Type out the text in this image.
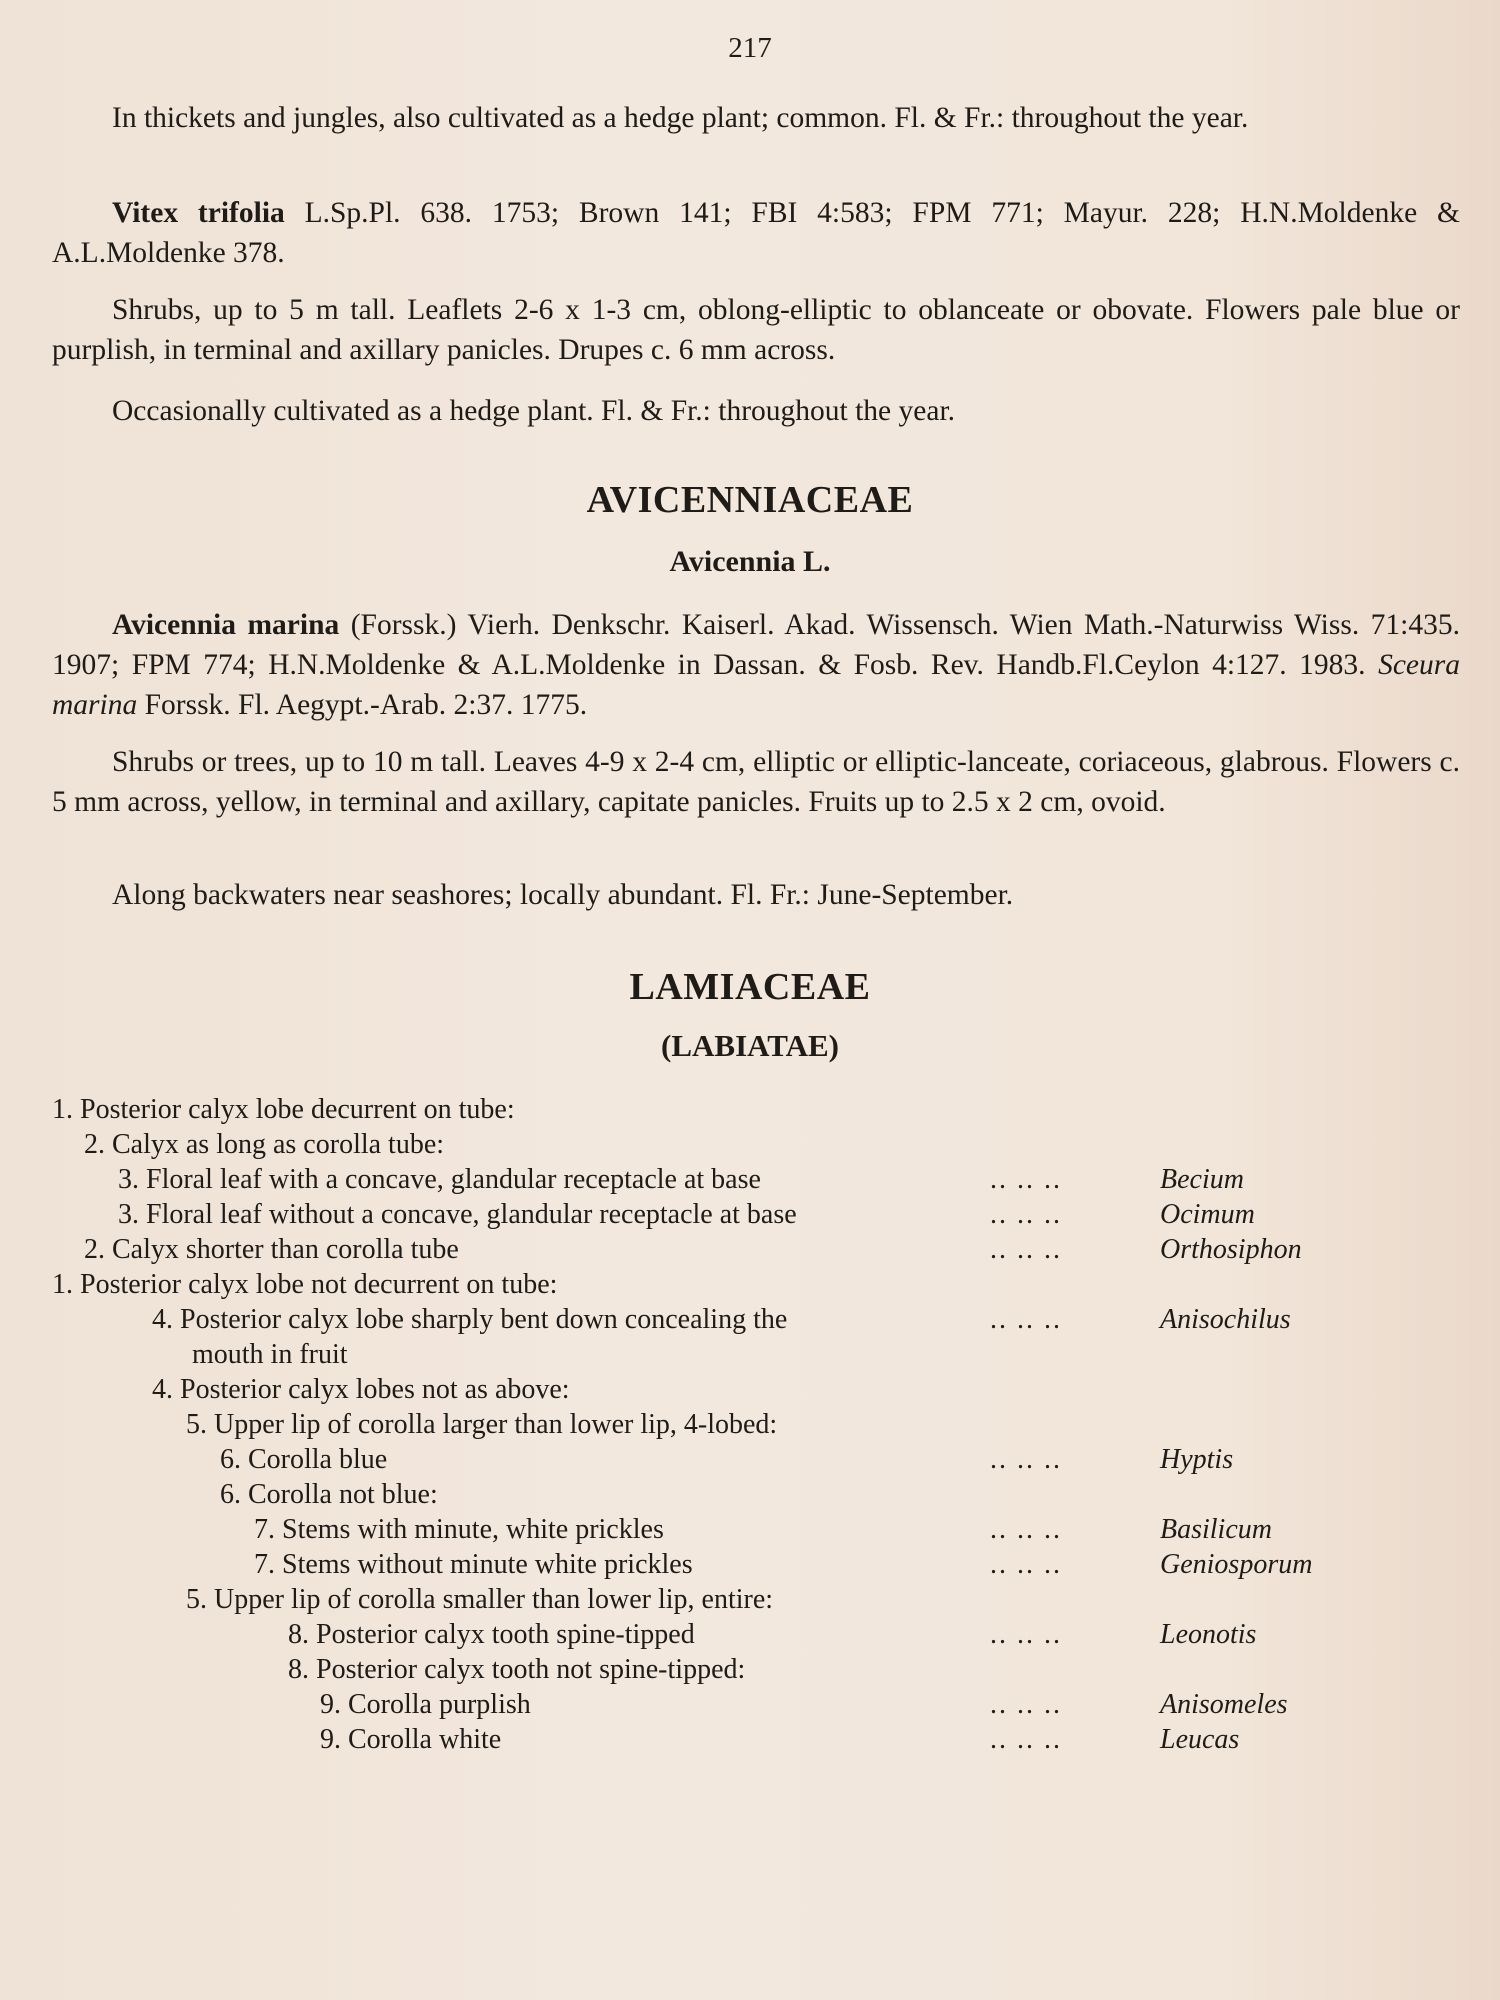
217

In thickets and jungles, also cultivated as a hedge plant; common. Fl. & Fr.: throughout the year.

Vitex trifolia L.Sp.Pl. 638. 1753; Brown 141; FBI 4:583; FPM 771; Mayur. 228; H.N.Moldenke & A.L.Moldenke 378.

Shrubs, up to 5 m tall. Leaflets 2-6 x 1-3 cm, oblong-elliptic to oblanceate or obovate. Flowers pale blue or purplish, in terminal and axillary panicles. Drupes c. 6 mm across.

Occasionally cultivated as a hedge plant. Fl. & Fr.: throughout the year.

AVICENNIACEAE
Avicennia L.

Avicennia marina (Forssk.) Vierh. Denkschr. Kaiserl. Akad. Wissensch. Wien Math.-Naturwiss Wiss. 71:435. 1907; FPM 774; H.N.Moldenke & A.L.Moldenke in Dassan. & Fosb. Rev. Handb.Fl.Ceylon 4:127. 1983. Sceura marina Forssk. Fl. Aegypt.-Arab. 2:37. 1775.

Shrubs or trees, up to 10 m tall. Leaves 4-9 x 2-4 cm, elliptic or elliptic-lanceate, coriaceous, glabrous. Flowers c. 5 mm across, yellow, in terminal and axillary, capitate panicles. Fruits up to 2.5 x 2 cm, ovoid.

Along backwaters near seashores; locally abundant. Fl. Fr.: June-September.

LAMIACEAE
(LABIATAE)
1. Posterior calyx lobe decurrent on tube:
2. Calyx as long as corolla tube:
3. Floral leaf with a concave, glandular receptacle at base	.. .. ..	Becium
3. Floral leaf without a concave, glandular receptacle at base	.. .. ..	Ocimum
2. Calyx shorter than corolla tube	.. .. ..	Orthosiphon
1. Posterior calyx lobe not decurrent on tube:
4. Posterior calyx lobe sharply bent down concealing the	.. .. ..	Anisochilus
mouth in fruit
4. Posterior calyx lobes not as above:
5. Upper lip of corolla larger than lower lip, 4-lobed:
6. Corolla blue	.. .. ..	Hyptis
6. Corolla not blue:
7. Stems with minute, white prickles	.. .. ..	Basilicum
7. Stems without minute white prickles	.. .. ..	Geniosporum
5. Upper lip of corolla smaller than lower lip, entire:
8. Posterior calyx tooth spine-tipped	.. .. ..	Leonotis
8. Posterior calyx tooth not spine-tipped:
9. Corolla purplish	.. .. ..	Anisomeles
9. Corolla white	.. .. ..	Leucas
